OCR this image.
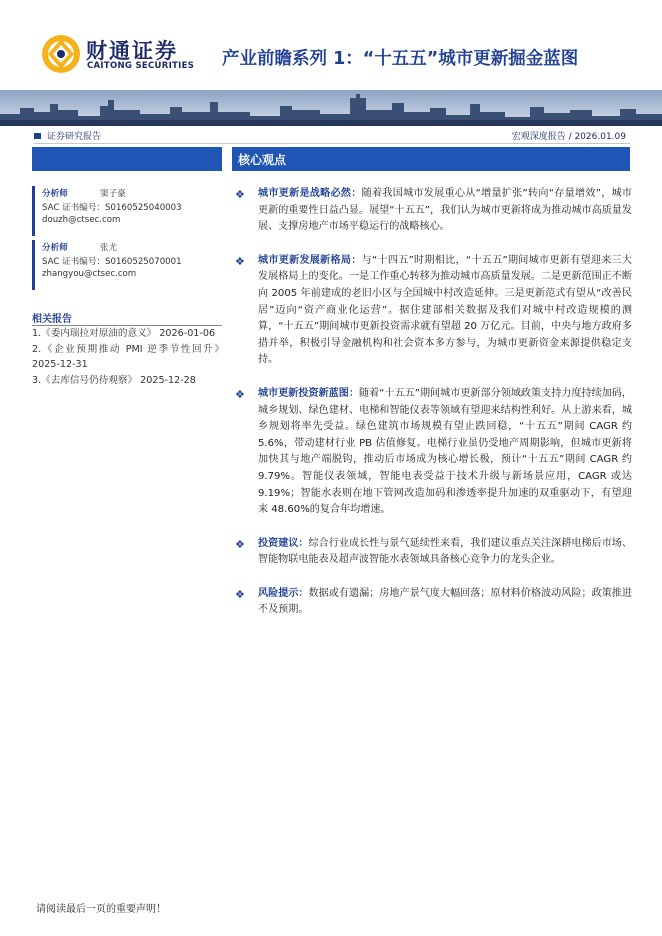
财通证券
CAITONG SECURITIES 产业前瞻系列 1：“十五五”城市更新掘金蓝图
证券研究报告	宏观深度报告 / 2026.01.09
核心观点
分析师	窦子豪
SAC 证书编号：S0160525040003
douzh@ctsec.com
分析师	张尤
SAC 证书编号：S0160525070001
zhangyou@ctsec.com
相关报告
1.《委内瑞拉对原油的意义》 2026-01-06
2.《企业预期推动 PMI 逆季节性回升》 2025-12-31
3.《去库信号仍待观察》 2025-12-28
❖ 城市更新是战略必然：随着我国城市发展重心从“增量扩张”转向“存量增效”，城市更新的重要性日益凸显。展望“十五五”，我们认为城市更新将成为推动城市高质量发展、支撑房地产市场平稳运行的战略核心。
❖ 城市更新发展新格局：与“十四五”时期相比，“十五五”期间城市更新有望迎来三大发展格局上的变化。一是工作重心转移为推动城市高质量发展。二是更新范围正不断向 2005 年前建成的老旧小区与全国城中村改造延伸。三是更新范式有望从“改善民居”迈向“资产商业化运营”。据住建部相关数据及我们对城中村改造规模的测算，“十五五”期间城市更新投资需求就有望超 20 万亿元。目前，中央与地方政府多措并举，积极引导金融机构和社会资本多方参与，为城市更新资金来源提供稳定支持。
❖ 城市更新投资新蓝图：随着“十五五”期间城市更新部分领域政策支持力度持续加码，城乡规划、绿色建材、电梯和智能仪表等领域有望迎来结构性利好。从上游来看，城乡规划将率先受益。绿色建筑市场规模有望止跌回稳，“十五五”期间 CAGR 约 5.6%，带动建材行业 PB 估值修复。电梯行业虽仍受地产周期影响，但城市更新将加快其与地产端脱钩，推动后市场成为核心增长极，预计“十五五”期间 CAGR 约 9.79%。智能仪表领域，智能电表受益于技术升级与新场景应用，CAGR 或达 9.19%；智能水表则在地下管网改造加码和渗透率提升加速的双重驱动下，有望迎来 48.60%的复合年均增速。
❖ 投资建议：综合行业成长性与景气延续性来看，我们建议重点关注深耕电梯后市场、智能物联电能表及超声波智能水表领域具备核心竞争力的龙头企业。
❖ 风险提示：数据或有遗漏；房地产景气度大幅回落；原材料价格波动风险；政策推进不及预期。
请阅读最后一页的重要声明！
